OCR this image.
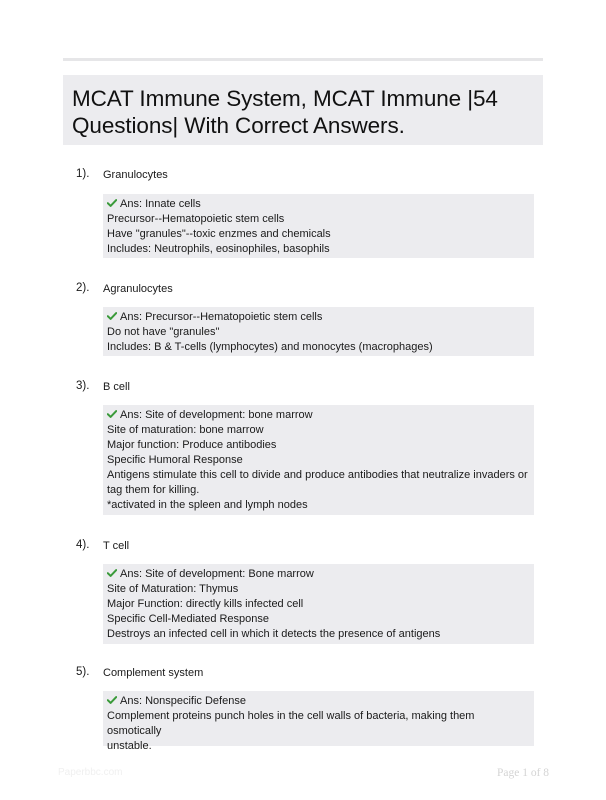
MCAT Immune System, MCAT Immune |54
Questions| With Correct Answers.
1). Granulocytes
Ans: Innate cells
Precursor--Hematopoietic stem cells
Have "granules"--toxic enzmes and chemicals
Includes: Neutrophils, eosinophiles, basophils
2). Agranulocytes
Ans: Precursor--Hematopoietic stem cells
Do not have "granules"
Includes: B & T-cells (lymphocytes) and monocytes (macrophages)
3). B cell
Ans: Site of development: bone marrow
Site of maturation: bone marrow
Major function: Produce antibodies
Specific Humoral Response
Antigens stimulate this cell to divide and produce antibodies that neutralize invaders or
tag them for killing.
*activated in the spleen and lymph nodes
4). T cell
Ans: Site of development: Bone marrow
Site of Maturation: Thymus
Major Function: directly kills infected cell
Specific Cell-Mediated Response
Destroys an infected cell in which it detects the presence of antigens
5). Complement system
Ans: Nonspecific Defense
Complement proteins punch holes in the cell walls of bacteria, making them osmotically
unstable.
Paperbbc.com	Page 1 of 8
